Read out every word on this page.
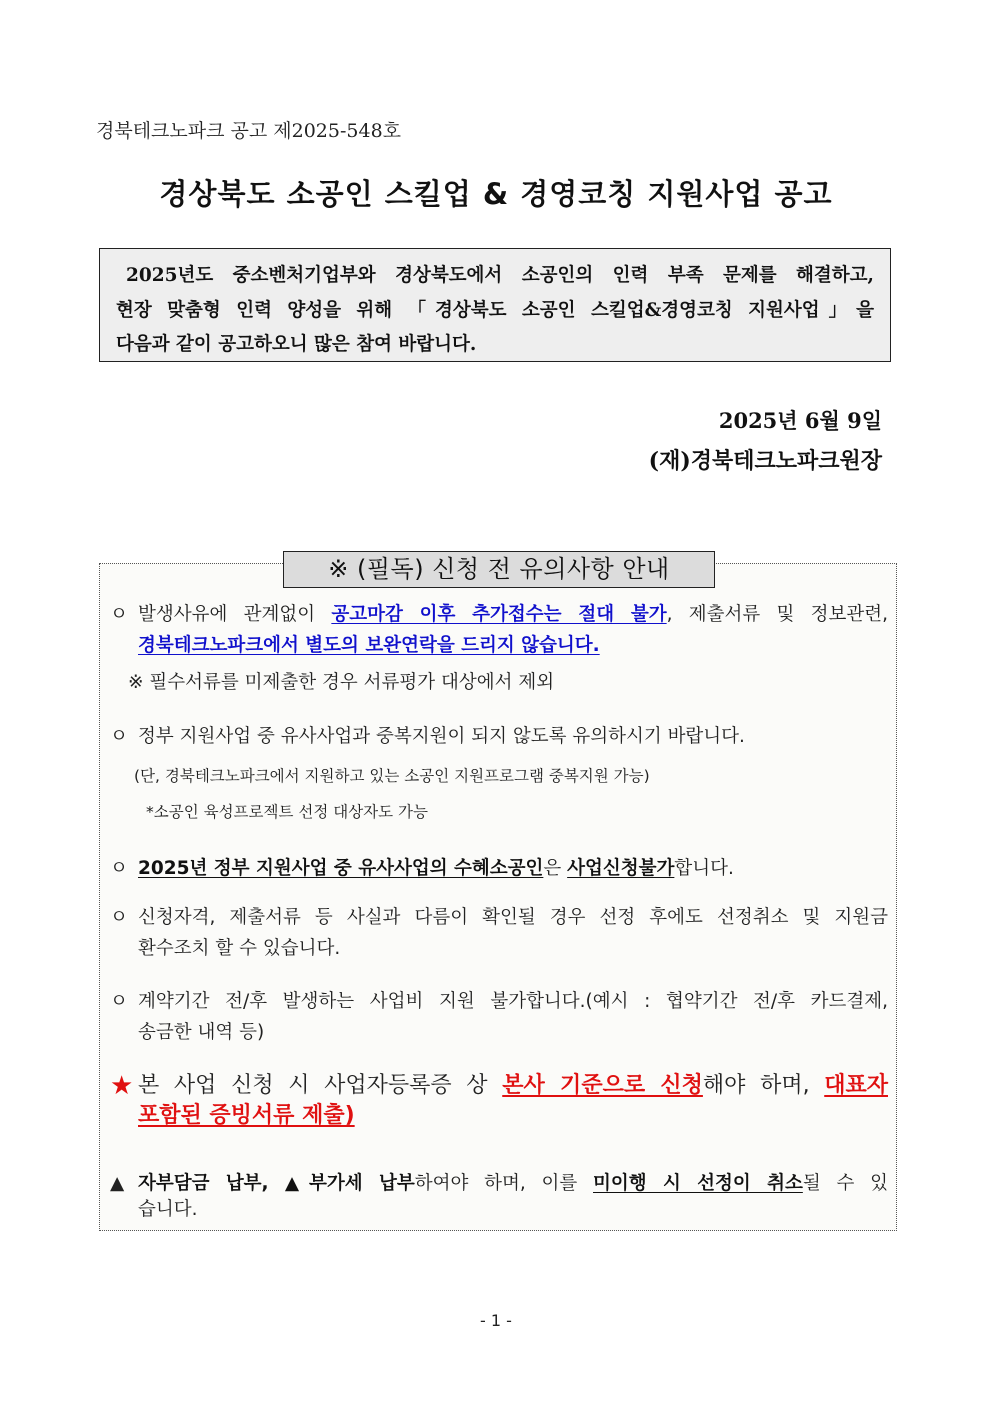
경북테크노파크 공고 제2025-548호
경상북도 소공인 스킬업 & 경영코칭 지원사업 공고
2025년도 중소벤처기업부와 경상북도에서 소공인의 인력 부족 문제를 해결하고,
현장 맞춤형 인력 양성을 위해 「경상북도 소공인 스킬업&경영코칭 지원사업」을
다음과 같이 공고하오니 많은 참여 바랍니다.
2025년 6월 9일
(재)경북테크노파크원장
※ (필독) 신청 전 유의사항 안내
ㅇ 발생사유에 관계없이 공고마감 이후 추가접수는 절대 불가, 제출서류 및 정보관련,
경북테크노파크에서 별도의 보완연락을 드리지 않습니다.
※ 필수서류를 미제출한 경우 서류평가 대상에서 제외
ㅇ 정부 지원사업 중 유사사업과 중복지원이 되지 않도록 유의하시기 바랍니다.
(단, 경북테크노파크에서 지원하고 있는 소공인 지원프로그램 중복지원 가능)
*소공인 육성프로젝트 선정 대상자도 가능
ㅇ 2025년 정부 지원사업 중 유사사업의 수혜소공인은 사업신청불가합니다.
ㅇ 신청자격, 제출서류 등 사실과 다름이 확인될 경우 선정 후에도 선정취소 및 지원금
환수조치 할 수 있습니다.
ㅇ 계약기간 전/후 발생하는 사업비 지원 불가합니다.(예시 : 협약기간 전/후 카드결제,
송금한 내역 등)
★ 본 사업 신청 시 사업자등록증 상 본사 기준으로 신청해야 하며, 대표자
포함된 증빙서류 제출)
▲ 자부담금 납부, ▲부가세 납부하여야 하며, 이를 미이행 시 선정이 취소될 수 있
습니다.
- 1 -
